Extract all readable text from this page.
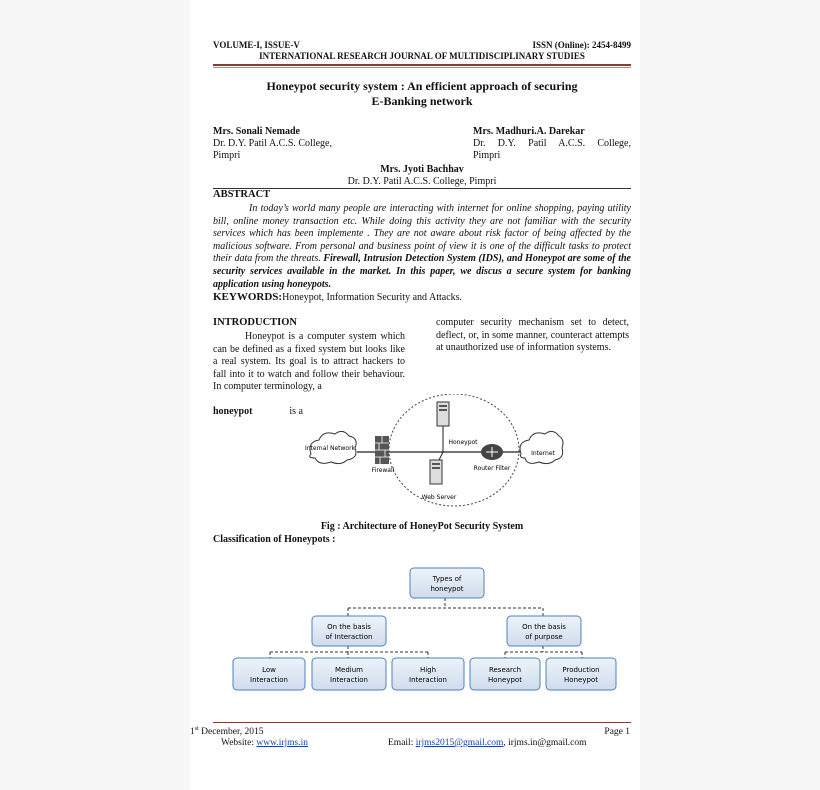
VOLUME-I, ISSUE-V	ISSN (Online): 2454-8499
INTERNATIONAL RESEARCH JOURNAL OF MULTIDISCIPLINARY STUDIES
Honeypot security system : An efficient approach of securing
E-Banking network
Mrs. Sonali Nemade
Dr. D.Y. Patil A.C.S. College,
Pimpri
Mrs. Madhuri.A. Darekar

Dr. D.Y. Patil A.C.S. College,
Pimpri
Mrs. Jyoti Bachhav
Dr. D.Y. Patil A.C.S. College, Pimpri
ABSTRACT
In today’s world many people are interacting with internet for online shopping, paying utility bill, online money transaction etc. While doing this activity they are not familiar with the security services which has been implemente . They are not aware about risk factor of being affected by the malicious software. From personal and business point of view it is one of the difficult tasks to protect their data from the threats. Firewall, Intrusion Detection System (IDS), and Honeypot are some of the security services available in the market. In this paper, we discus a secure system for banking application using honeypots.
KEYWORDS:Honeypot, Information Security and Attacks.
INTRODUCTION
Honeypot is a computer system which can be defined as a fixed system but looks like a real system. Its goal is to attract hackers to fall into it to watch and follow their behaviour. In computer terminology, a
honeypot	is a
computer security mechanism set to detect, deflect, or, in some manner, counteract attempts at unauthorized use of information systems.
Internal Network
Firewall
Honeypot
Web Server
Router Filter
Internet
Fig : Architecture of HoneyPot Security System
Classification of Honeypots :
Types of
honeypot
On the basis
of Interaction
On the basis
of purpose
Low
Interaction
Medium
Interaction
High
Interaction
Research
Honeypot
Production
Honeypot
1st December, 2015	Page 1
Website: www.irjms.in	Email: irjms2015@gmail.com, irjms.in@gmail.com
